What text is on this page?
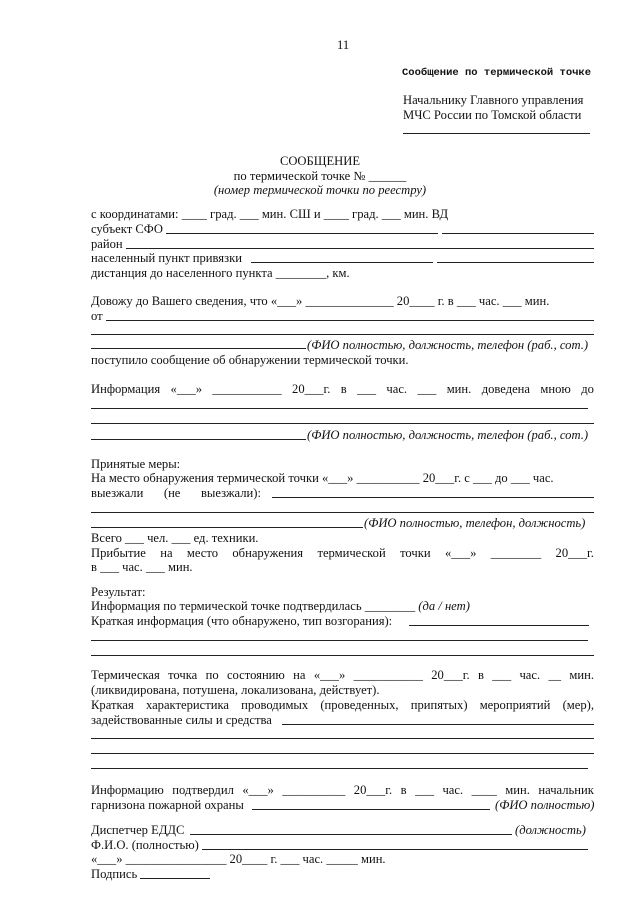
11
Сообщение по термической точке
Начальнику Главного управления
МЧС России по Томской области
СООБЩЕНИЕ
по термической точке № ______
(номер термической точки по реестру)
с координатами: ____ град. ___ мин. СШ и ____ град. ___ мин. ВД
субъект СФО
район
населенный пункт привязки
дистанция до населенного пункта ________, км.
Довожу до Вашего сведения, что «___» ______________ 20____ г. в ___ час. ___ мин.
от
(ФИО полностью, должность, телефон (раб., сот.)
поступило сообщение об обнаружении термической точки.
Информация «___» ___________ 20___г. в ___ час. ___ мин. доведена мною до
(ФИО полностью, должность, телефон (раб., сот.)
Принятые меры:
На место обнаружения термической точки «___» __________ 20___г. с ___ до ___ час.
выезжали (не выезжали):
(ФИО полностью, телефон, должность)
Всего ___ чел. ___ ед. техники.
Прибытие на место обнаружения термической точки «___» ________ 20___г.
в ___ час. ___ мин.
Результат:
Информация по термической точке подтвердилась ________ (да / нет)
Краткая информация (что обнаружено, тип возгорания):
Термическая точка по состоянию на «___» ___________ 20___г. в ___ час. __ мин.
(ликвидирована, потушена, локализована, действует).
Краткая характеристика проводимых (проведенных, припятых) мероприятий (мер),
задействованные силы и средства
Информацию подтвердил «___» __________ 20___г. в ___ час. ____ мин. начальник
гарнизона пожарной охраны	(ФИО полностью)
Диспетчер ЕДДС	(должность)
Ф.И.О. (полностью)
«___» ________________ 20____ г. ___ час. _____ мин.
Подпись
